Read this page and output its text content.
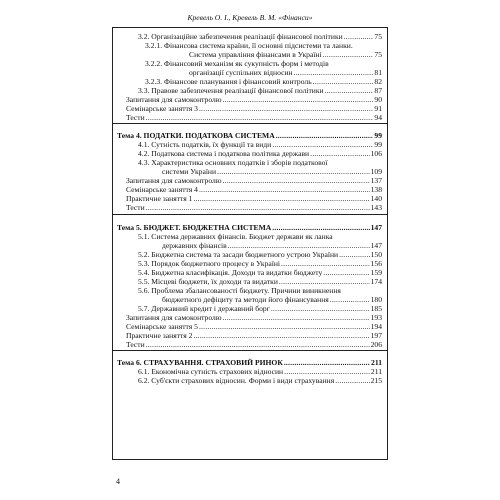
Кревель О. І., Кревель В. М. «Фінанси»
3.2. Організаційне забезпечення реалізації фінансової політики .....	75
3.2.1. Фінансова система країни, її основні підсистеми та ланки.
Система управління фінансами в Україні .....	75
3.2.2. Фінансовий механізм як сукупність форм і методів
організації суспільних відносин .....	81
3.2.3. Фінансове планування і фінансовий контроль .....	82
3.3. Правове забезпечення реалізації фінансової політики .....	87
Запитання для самоконтролю .....	90
Семінарське заняття 3 .....	91
Тести .....	94
Тема 4. ПОДАТКИ. ПОДАТКОВА СИСТЕМА .....	99
4.1. Сутність податків, їх функції та види .....	99
4.2. Податкова система і податкова політика держави .....	106
4.3. Характеристика основних податків і зборів податкової
системи України .....	109
Запитання для самоконтролю .....	137
Семінарське заняття 4 .....	138
Практичне заняття 1 .....	140
Тести .....	143
Тема 5. БЮДЖЕТ. БЮДЖЕТНА СИСТЕМА .....	147
5.1. Система державних фінансів. Бюджет держави як ланка
державних фінансів .....	147
5.2. Бюджетна система та засади бюджетного устрою України .....	150
5.3. Порядок бюджетного процесу в Україні .....	156
5.4. Бюджетна класифікація. Доходи та видатки бюджету .....	159
5.5. Місцеві бюджети, їх доходи та видатки .....	174
5.6. Проблема збалансованості бюджету. Причини виникнення
бюджетного дефіциту та методи його фінансування .....	180
5.7. Державний кредит і державний борг .....	185
Запитання для самоконтролю .....	193
Семінарське заняття 5 .....	194
Практичне заняття 2 .....	197
Тести .....	206
Тема 6. СТРАХУВАННЯ. СТРАХОВИЙ РИНОК .....	211
6.1. Економічна сутність страхових відносин .....	211
6.2. Суб'єкти страхових відносин. Форми і види страхування .....	215
4
